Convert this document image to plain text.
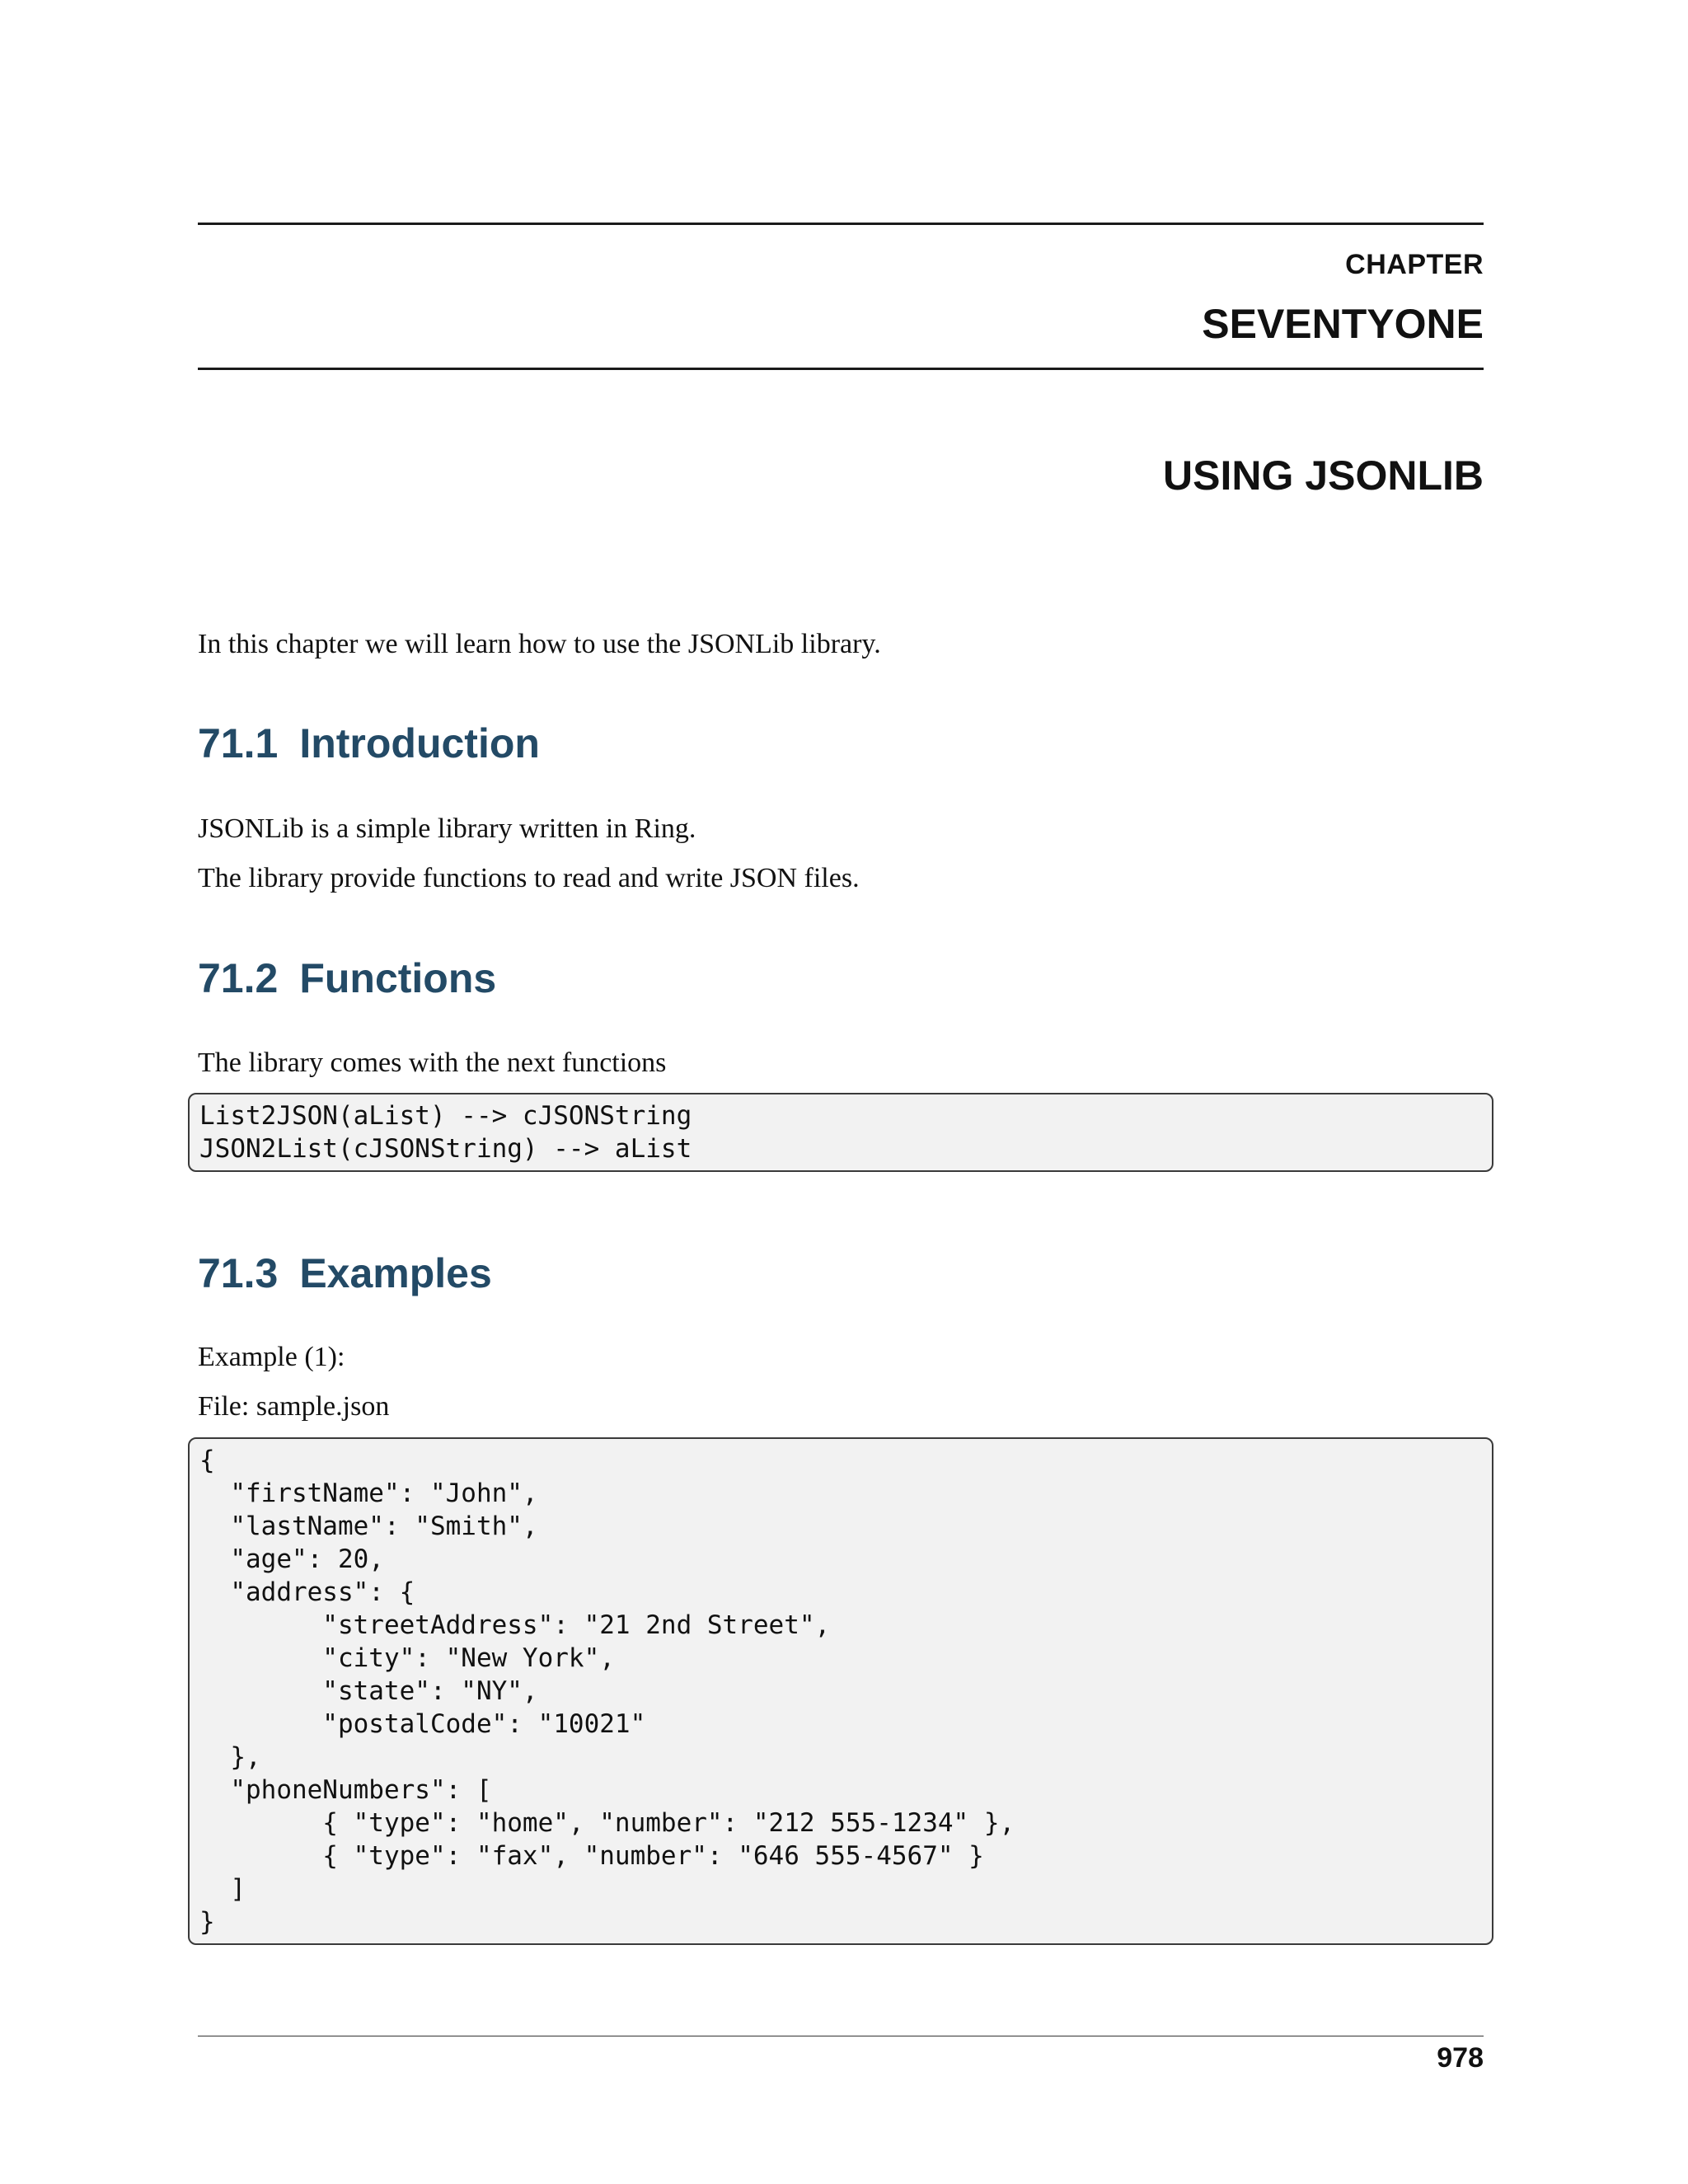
CHAPTER
SEVENTYONE
USING JSONLIB
In this chapter we will learn how to use the JSONLib library.
71.1 Introduction
JSONLib is a simple library written in Ring.
The library provide functions to read and write JSON files.
71.2 Functions
The library comes with the next functions
List2JSON(aList) --> cJSONString
JSON2List(cJSONString) --> aList
71.3 Examples
Example (1):
File: sample.json
{
"firstName": "John",
"lastName": "Smith",
"age": 20,
"address": {
"streetAddress": "21 2nd Street",
"city": "New York",
"state": "NY",
"postalCode": "10021"
},
"phoneNumbers": [
{ "type": "home", "number": "212 555-1234" },
{ "type": "fax", "number": "646 555-4567" }
]
}
978
